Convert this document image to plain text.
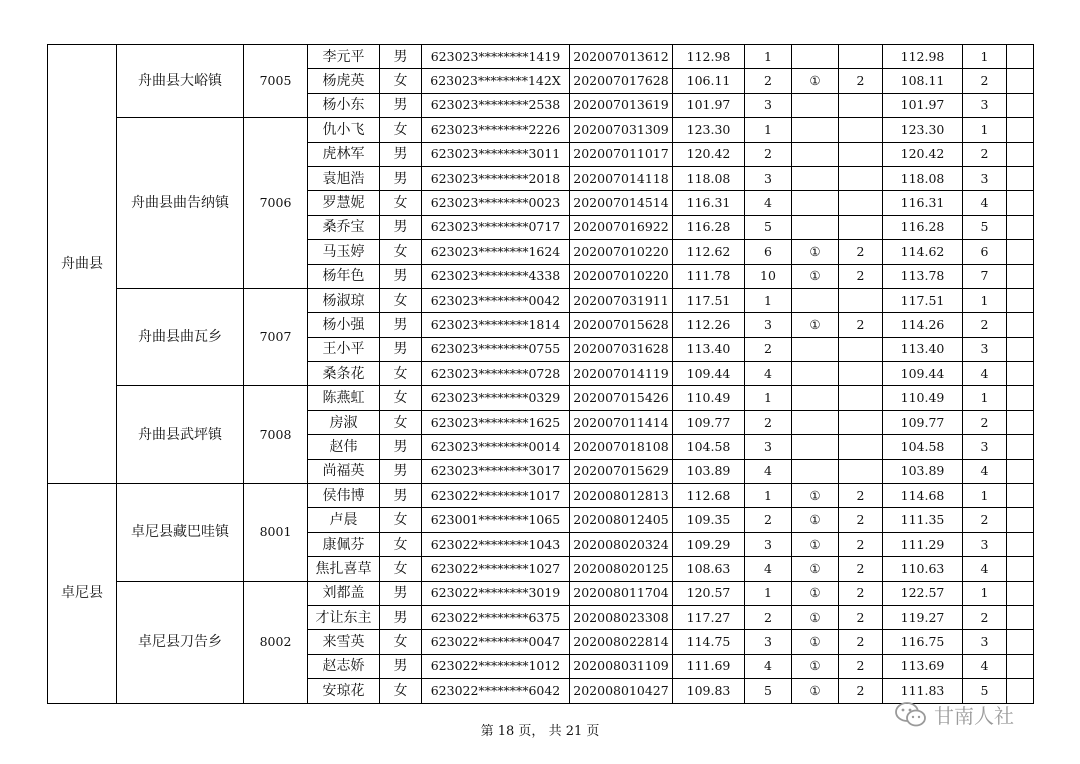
舟曲县	舟曲县大峪镇	7005	李元平	男	623023********1419	202007013612	112.98	1			112.98	1	
			杨虎英	女	623023********142X	202007017628	106.11	2	①	2	108.11	2	
			杨小东	男	623023********2538	202007013619	101.97	3			101.97	3	
	舟曲县曲告纳镇	7006	仇小飞	女	623023********2226	202007031309	123.30	1			123.30	1	
			虎林军	男	623023********3011	202007011017	120.42	2			120.42	2	
			袁旭浩	男	623023********2018	202007014118	118.08	3			118.08	3	
			罗慧妮	女	623023********0023	202007014514	116.31	4			116.31	4	
			桑乔宝	男	623023********0717	202007016922	116.28	5			116.28	5	
			马玉婷	女	623023********1624	202007010220	112.62	6	①	2	114.62	6	
			杨年色	男	623023********4338	202007010220	111.78	10	①	2	113.78	7	
	舟曲县曲瓦乡	7007	杨淑琼	女	623023********0042	202007031911	117.51	1			117.51	1	
			杨小强	男	623023********1814	202007015628	112.26	3	①	2	114.26	2	
			王小平	男	623023********0755	202007031628	113.40	2			113.40	3	
			桑条花	女	623023********0728	202007014119	109.44	4			109.44	4	
	舟曲县武坪镇	7008	陈燕虹	女	623023********0329	202007015426	110.49	1			110.49	1	
			房淑	女	623023********1625	202007011414	109.77	2			109.77	2	
			赵伟	男	623023********0014	202007018108	104.58	3			104.58	3	
			尚福英	男	623023********3017	202007015629	103.89	4			103.89	4	
卓尼县	卓尼县藏巴哇镇	8001	侯伟博	男	623022********1017	202008012813	112.68	1	①	2	114.68	1	
			卢晨	女	623001********1065	202008012405	109.35	2	①	2	111.35	2	
			康佩芬	女	623022********1043	202008020324	109.29	3	①	2	111.29	3	
			焦扎喜草	女	623022********1027	202008020125	108.63	4	①	2	110.63	4	
	卓尼县刀告乡	8002	刘都盖	男	623022********3019	202008011704	120.57	1	①	2	122.57	1	
			才让东主	男	623022********6375	202008023308	117.27	2	①	2	119.27	2	
			来雪英	女	623022********0047	202008022814	114.75	3	①	2	116.75	3	
			赵志娇	男	623022********1012	202008031109	111.69	4	①	2	113.69	4	
			安琼花	女	623022********6042	202008010427	109.83	5	①	2	111.83	5	
第 18 页， 共 21 页
甘南人社
